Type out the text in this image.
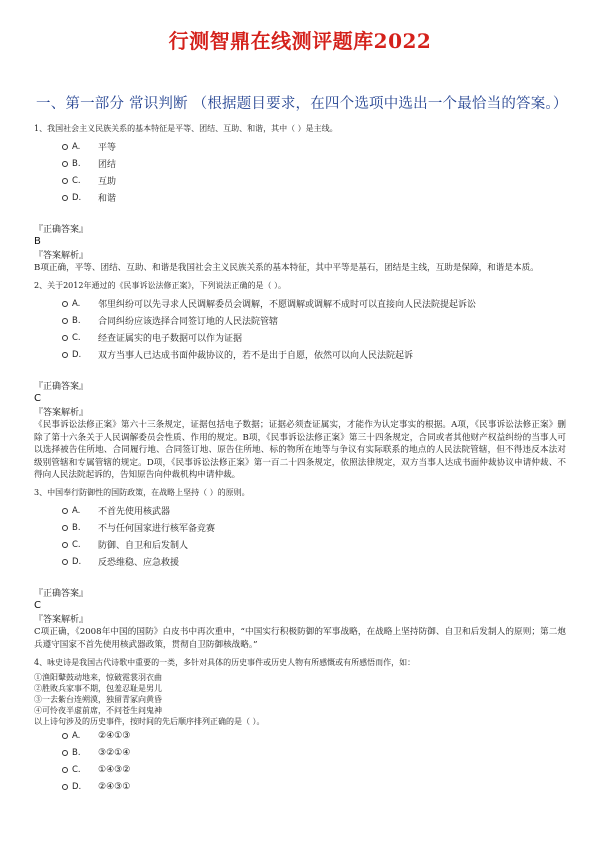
行测智鼎在线测评题库2022
一、第一部分 常识判断 （根据题目要求，在四个选项中选出一个最恰当的答案。）

1、我国社会主义民族关系的基本特征是平等、团结、互助、和谐，其中（ ）是主线。

A.	平等
B.	团结
C.	互助
D.	和谐

『正确答案』

B

『答案解析』

B项正确，平等、团结、互助、和谐是我国社会主义民族关系的基本特征，其中平等是基石，团结是主线，互助是保障，和谐是本质。

2、关于2012年通过的《民事诉讼法修正案》，下列说法正确的是（ ）。

A.	邻里纠纷可以先寻求人民调解委员会调解，不愿调解或调解不成时可以直接向人民法院提起诉讼
B.	合同纠纷应该选择合同签订地的人民法院管辖
C.	经查证属实的电子数据可以作为证据
D.	双方当事人已达成书面仲裁协议的，若不是出于自愿，依然可以向人民法院起诉

『正确答案』

C

『答案解析』

《民事诉讼法修正案》第六十三条规定，证据包括电子数据；证据必须查证属实，才能作为认定事实的根据。A项，《民事诉讼法修正案》删除了第十六条关于人民调解委员会性质、作用的规定。B项，《民事诉讼法修正案》第三十四条规定，合同或者其他财产权益纠纷的当事人可以选择被告住所地、合同履行地、合同签订地、原告住所地、标的物所在地等与争议有实际联系的地点的人民法院管辖，但不得违反本法对级别管辖和专属管辖的规定。D项，《民事诉讼法修正案》第一百二十四条规定，依照法律规定，双方当事人达成书面仲裁协议申请仲裁、不得向人民法院起诉的，告知原告向仲裁机构申请仲裁。

3、中国奉行防御性的国防政策，在战略上坚持（ ）的原则。

A.	不首先使用核武器
B.	不与任何国家进行核军备竞赛
C.	防御、自卫和后发制人
D.	反恐维稳、应急救援

『正确答案』

C

『答案解析』

C项正确，《2008年中国的国防》白皮书中再次重申，“中国实行积极防御的军事战略，在战略上坚持防御、自卫和后发制人的原则；第二炮兵遵守国家不首先使用核武器政策，贯彻自卫防御核战略。”

4、咏史诗是我国古代诗歌中重要的一类，多针对具体的历史事件或历史人物有所感慨或有所感悟而作，如：

①渔阳鼙鼓动地来，惊破霓裳羽衣曲
②胜败兵家事不期，包羞忍耻是男儿
③一去紫台连朔漠，独留青冢向黄昏
④可怜夜半虚前席，不问苍生问鬼神
以上诗句涉及的历史事件，按时间的先后顺序排列正确的是（ ）。

A.	②④①③
B.	③②①④
C.	①④③②
D.	②④③①
